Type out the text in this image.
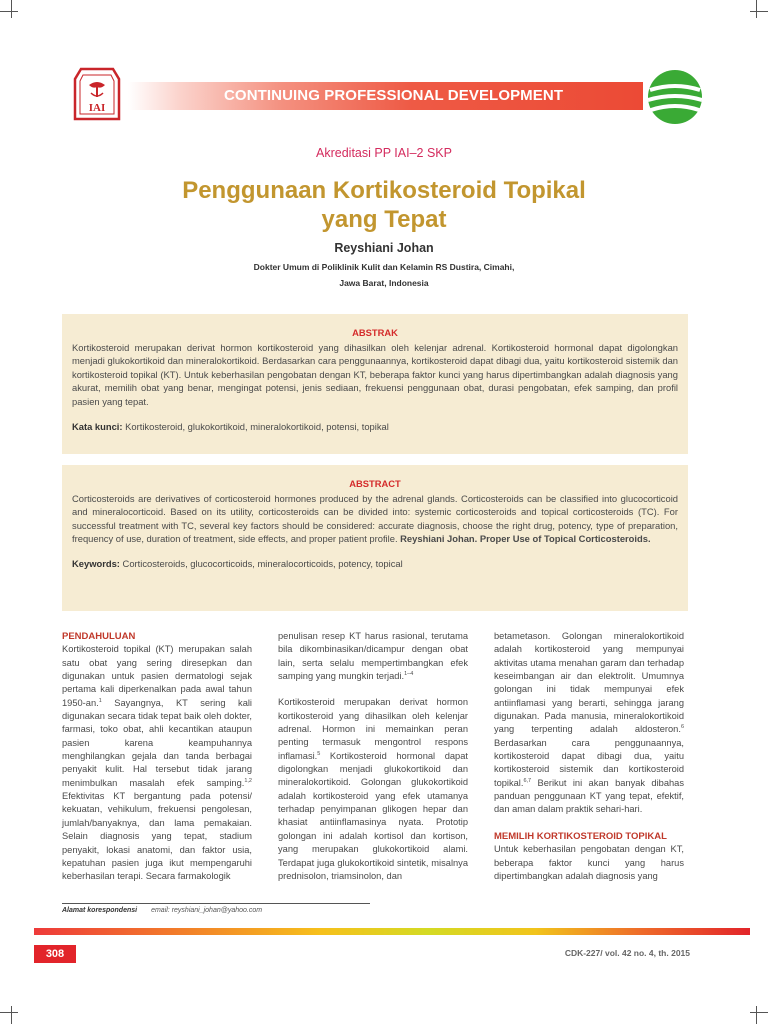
IAI
CONTINUING PROFESSIONAL DEVELOPMENT
Akreditasi PP IAI–2 SKP
Penggunaan Kortikosteroid Topikal
yang Tepat
Reyshiani Johan
Dokter Umum di Poliklinik Kulit dan Kelamin RS Dustira, Cimahi,
Jawa Barat, Indonesia
ABSTRAK
Kortikosteroid merupakan derivat hormon kortikosteroid yang dihasilkan oleh kelenjar adrenal. Kortikosteroid hormonal dapat digolongkan menjadi glukokortikoid dan mineralokortikoid. Berdasarkan cara penggunaannya, kortikosteroid dapat dibagi dua, yaitu kortikosteroid sistemik dan kortikosteroid topikal (KT). Untuk keberhasilan pengobatan dengan KT, beberapa faktor kunci yang harus dipertimbangkan adalah diagnosis yang akurat, memilih obat yang benar, mengingat potensi, jenis sediaan, frekuensi penggunaan obat, durasi pengobatan, efek samping, dan profil pasien yang tepat.
Kata kunci: Kortikosteroid, glukokortikoid, mineralokortikoid, potensi, topikal
ABSTRACT
Corticosteroids are derivatives of corticosteroid hormones produced by the adrenal glands. Corticosteroids can be classified into glucocorticoid and mineralocorticoid. Based on its utility, corticosteroids can be divided into: systemic corticosteroids and topical corticosteroids (TC). For successful treatment with TC, several key factors should be considered: accurate diagnosis, choose the right drug, potency, type of preparation, frequency of use, duration of treatment, side effects, and proper patient profile. Reyshiani Johan. Proper Use of Topical Corticosteroids.
Keywords: Corticosteroids, glucocorticoids, mineralocorticoids, potency, topical
PENDAHULUAN
Kortikosteroid topikal (KT) merupakan salah satu obat yang sering diresepkan dan digunakan untuk pasien dermatologi sejak pertama kali diperkenalkan pada awal tahun 1950-an.$^1$ Sayangnya, KT sering kali digunakan secara tidak tepat baik oleh dokter, farmasi, toko obat, ahli kecantikan ataupun pasien karena keampuhannya menghilangkan gejala dan tanda berbagai penyakit kulit. Hal tersebut tidak jarang menimbulkan masalah efek samping.$^{1,2}$ Efektivitas KT bergantung pada potensi/ kekuatan, vehikulum, frekuensi pengolesan, jumlah/banyaknya, dan lama pemakaian. Selain diagnosis yang tepat, stadium penyakit, lokasi anatomi, dan faktor usia, kepatuhan pasien juga ikut mempengaruhi keberhasilan terapi. Secara farmakologik
penulisan resep KT harus rasional, terutama bila dikombinasikan/dicampur dengan obat lain, serta selalu mempertimbangkan efek samping yang mungkin terjadi.$^{1-4}$
Kortikosteroid merupakan derivat hormon kortikosteroid yang dihasilkan oleh kelenjar adrenal. Hormon ini memainkan peran penting termasuk mengontrol respons inflamasi.$^5$ Kortikosteroid hormonal dapat digolongkan menjadi glukokortikoid dan mineralokortikoid. Golongan glukokortikoid adalah kortikosteroid yang efek utamanya terhadap penyimpanan glikogen hepar dan khasiat antiinflamasinya nyata. Prototip golongan ini adalah kortisol dan kortison, yang merupakan glukokortikoid alami. Terdapat juga glukokortikoid sintetik, misalnya prednisolon, triamsinolon, dan
betametason. Golongan mineralokortikoid adalah kortikosteroid yang mempunyai aktivitas utama menahan garam dan terhadap keseimbangan air dan elektrolit. Umumnya golongan ini tidak mempunyai efek antiinflamasi yang berarti, sehingga jarang digunakan. Pada manusia, mineralokortikoid yang terpenting adalah aldosteron.$^6$ Berdasarkan cara penggunaannya, kortikosteroid dapat dibagi dua, yaitu kortikosteroid sistemik dan kortikosteroid topikal.$^{6,7}$ Berikut ini akan banyak dibahas panduan penggunaan KT yang tepat, efektif, dan aman dalam praktik sehari-hari.
MEMILIH KORTIKOSTEROID TOPIKAL
Untuk keberhasilan pengobatan dengan KT, beberapa faktor kunci yang harus dipertimbangkan adalah diagnosis yang
Alamat korespondensi email: reyshiani_johan@yahoo.com
308	CDK-227/ vol. 42 no. 4, th. 2015
